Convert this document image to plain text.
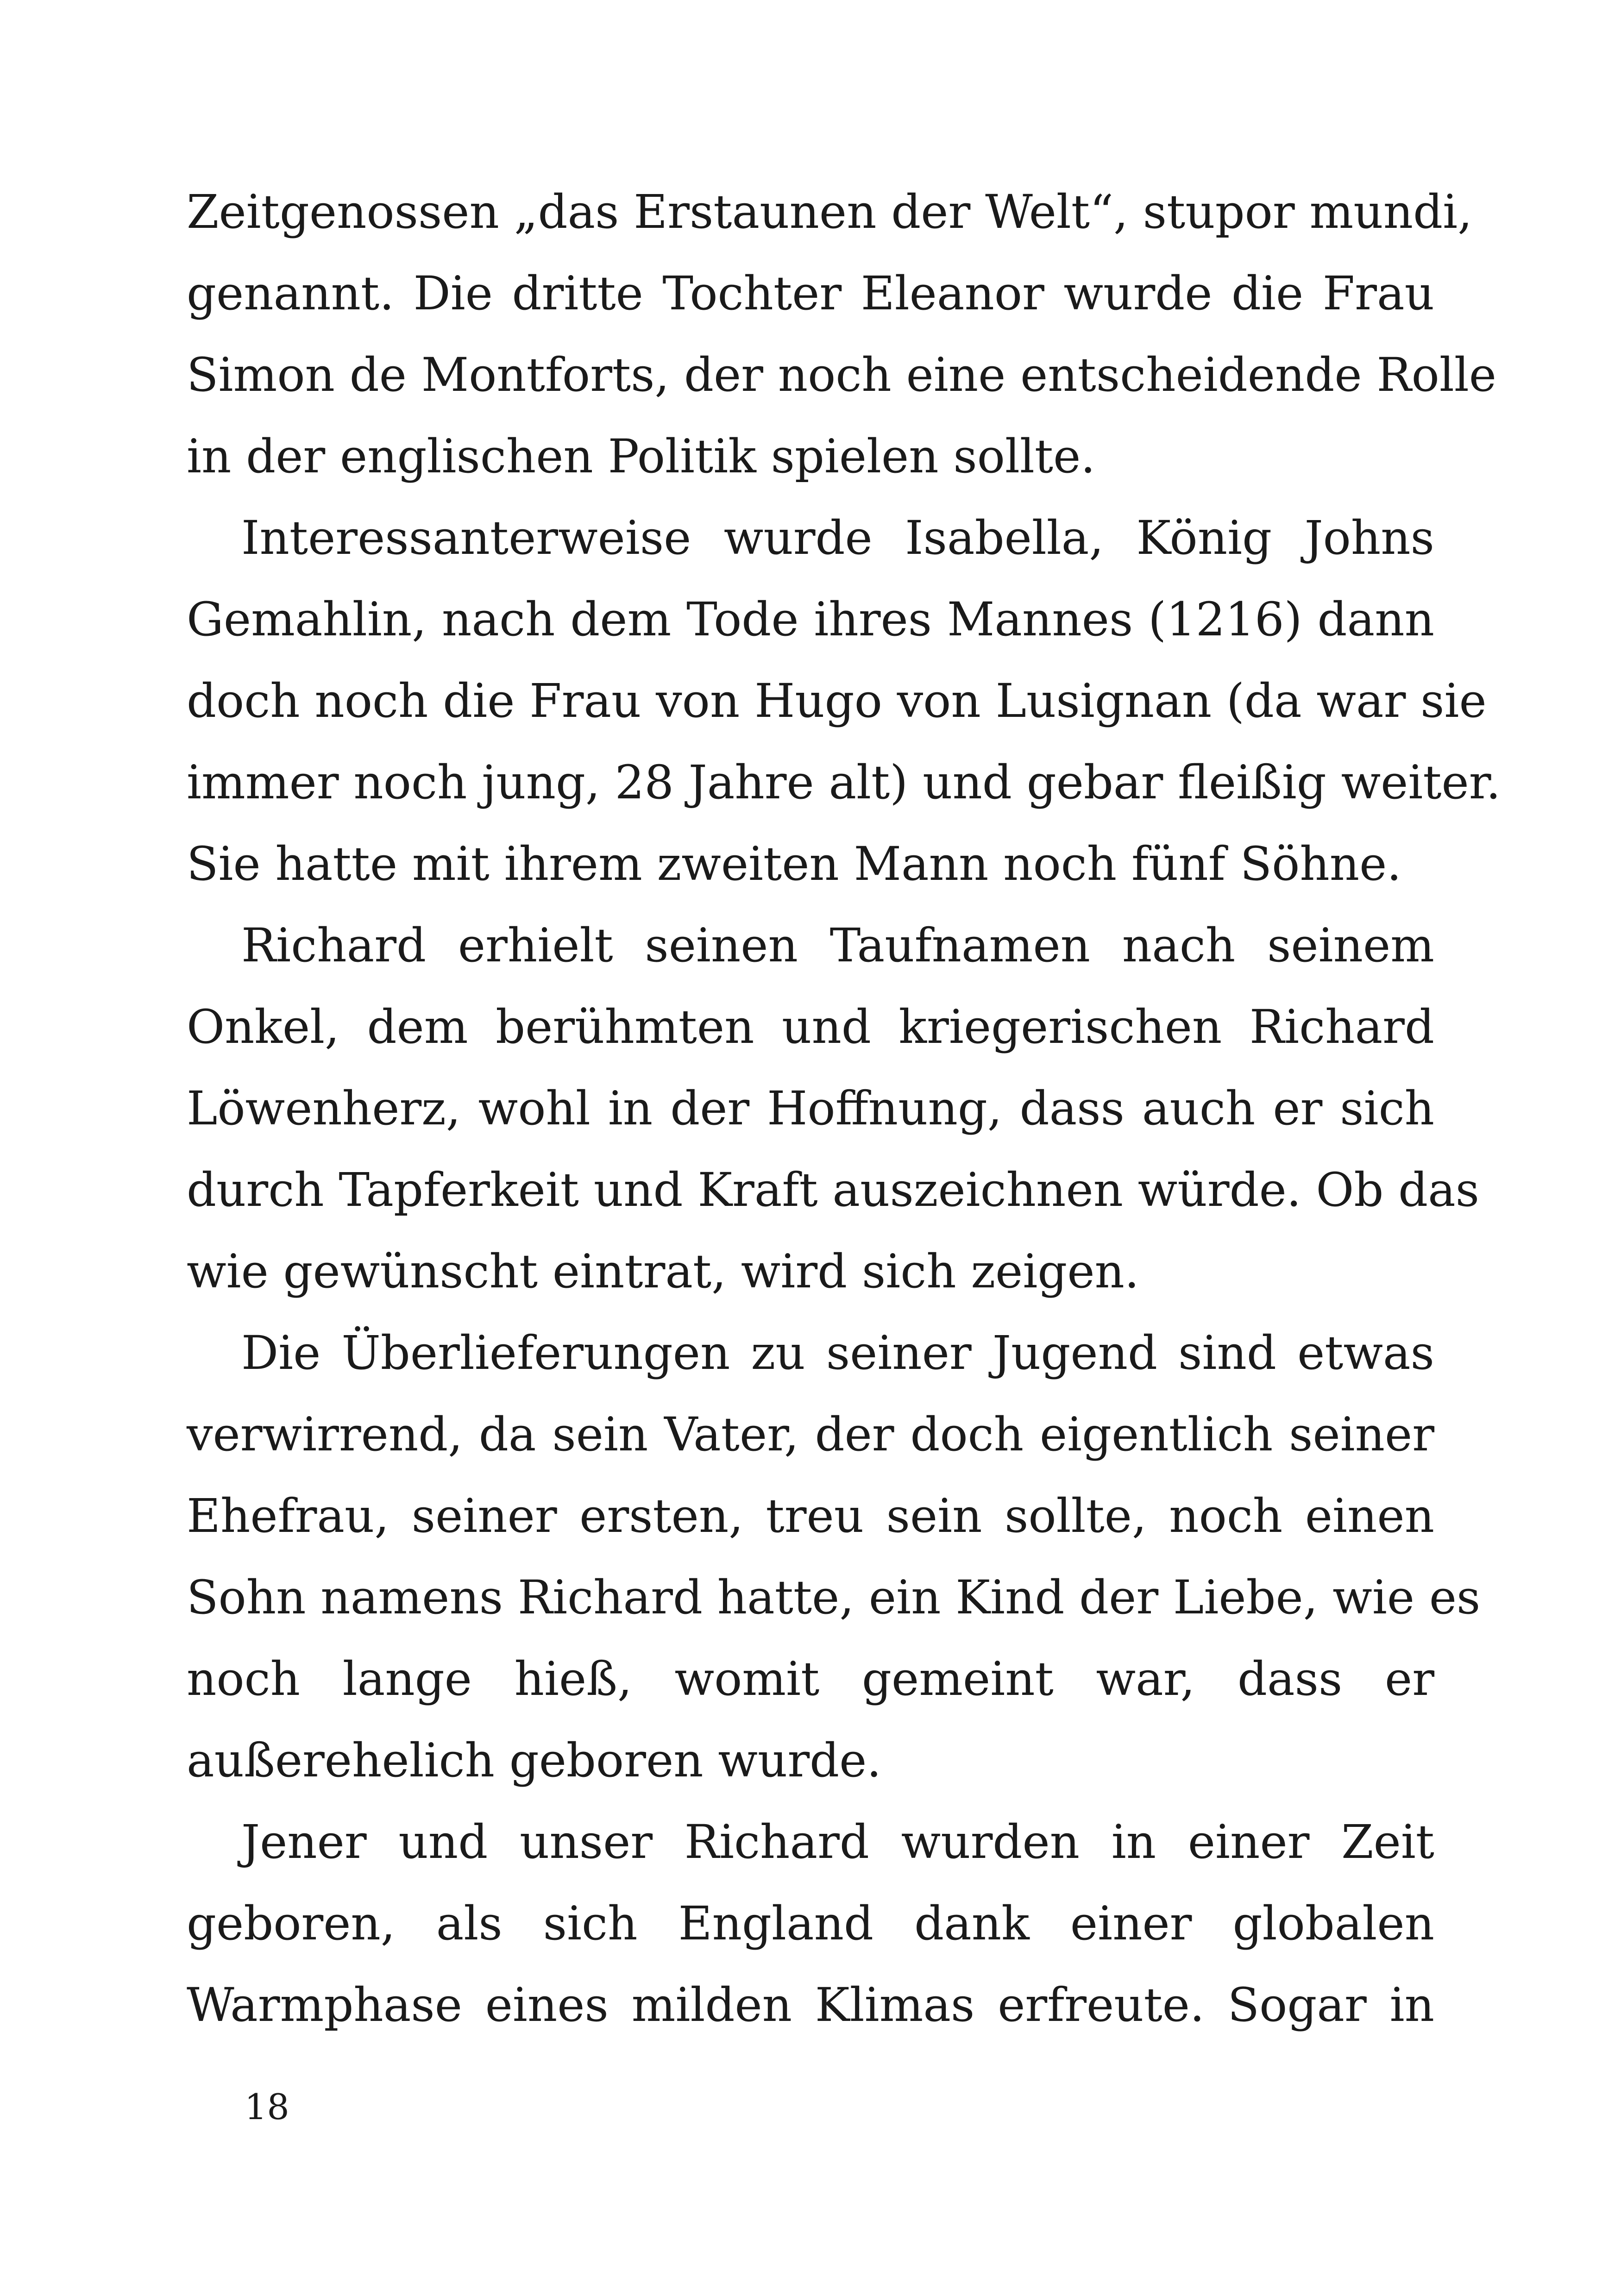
Zeitgenossen „das Erstaunen der Welt“, stupor mundi,
genannt. Die dritte Tochter Eleanor wurde die Frau
Simon de Montforts, der noch eine entscheidende Rolle
in der englischen Politik spielen sollte.
Interessanterweise wurde Isabella, König Johns
Gemahlin, nach dem Tode ihres Mannes (1216) dann
doch noch die Frau von Hugo von Lusignan (da war sie
immer noch jung, 28 Jahre alt) und gebar fleißig weiter.
Sie hatte mit ihrem zweiten Mann noch fünf Söhne.
Richard erhielt seinen Taufnamen nach seinem
Onkel, dem berühmten und kriegerischen Richard
Löwenherz, wohl in der Hoffnung, dass auch er sich
durch Tapferkeit und Kraft auszeichnen würde. Ob das
wie gewünscht eintrat, wird sich zeigen.
Die Überlieferungen zu seiner Jugend sind etwas
verwirrend, da sein Vater, der doch eigentlich seiner
Ehefrau, seiner ersten, treu sein sollte, noch einen
Sohn namens Richard hatte, ein Kind der Liebe, wie es
noch lange hieß, womit gemeint war, dass er
außerehelich geboren wurde.
Jener und unser Richard wurden in einer Zeit
geboren, als sich England dank einer globalen
Warmphase eines milden Klimas erfreute. Sogar in
18
